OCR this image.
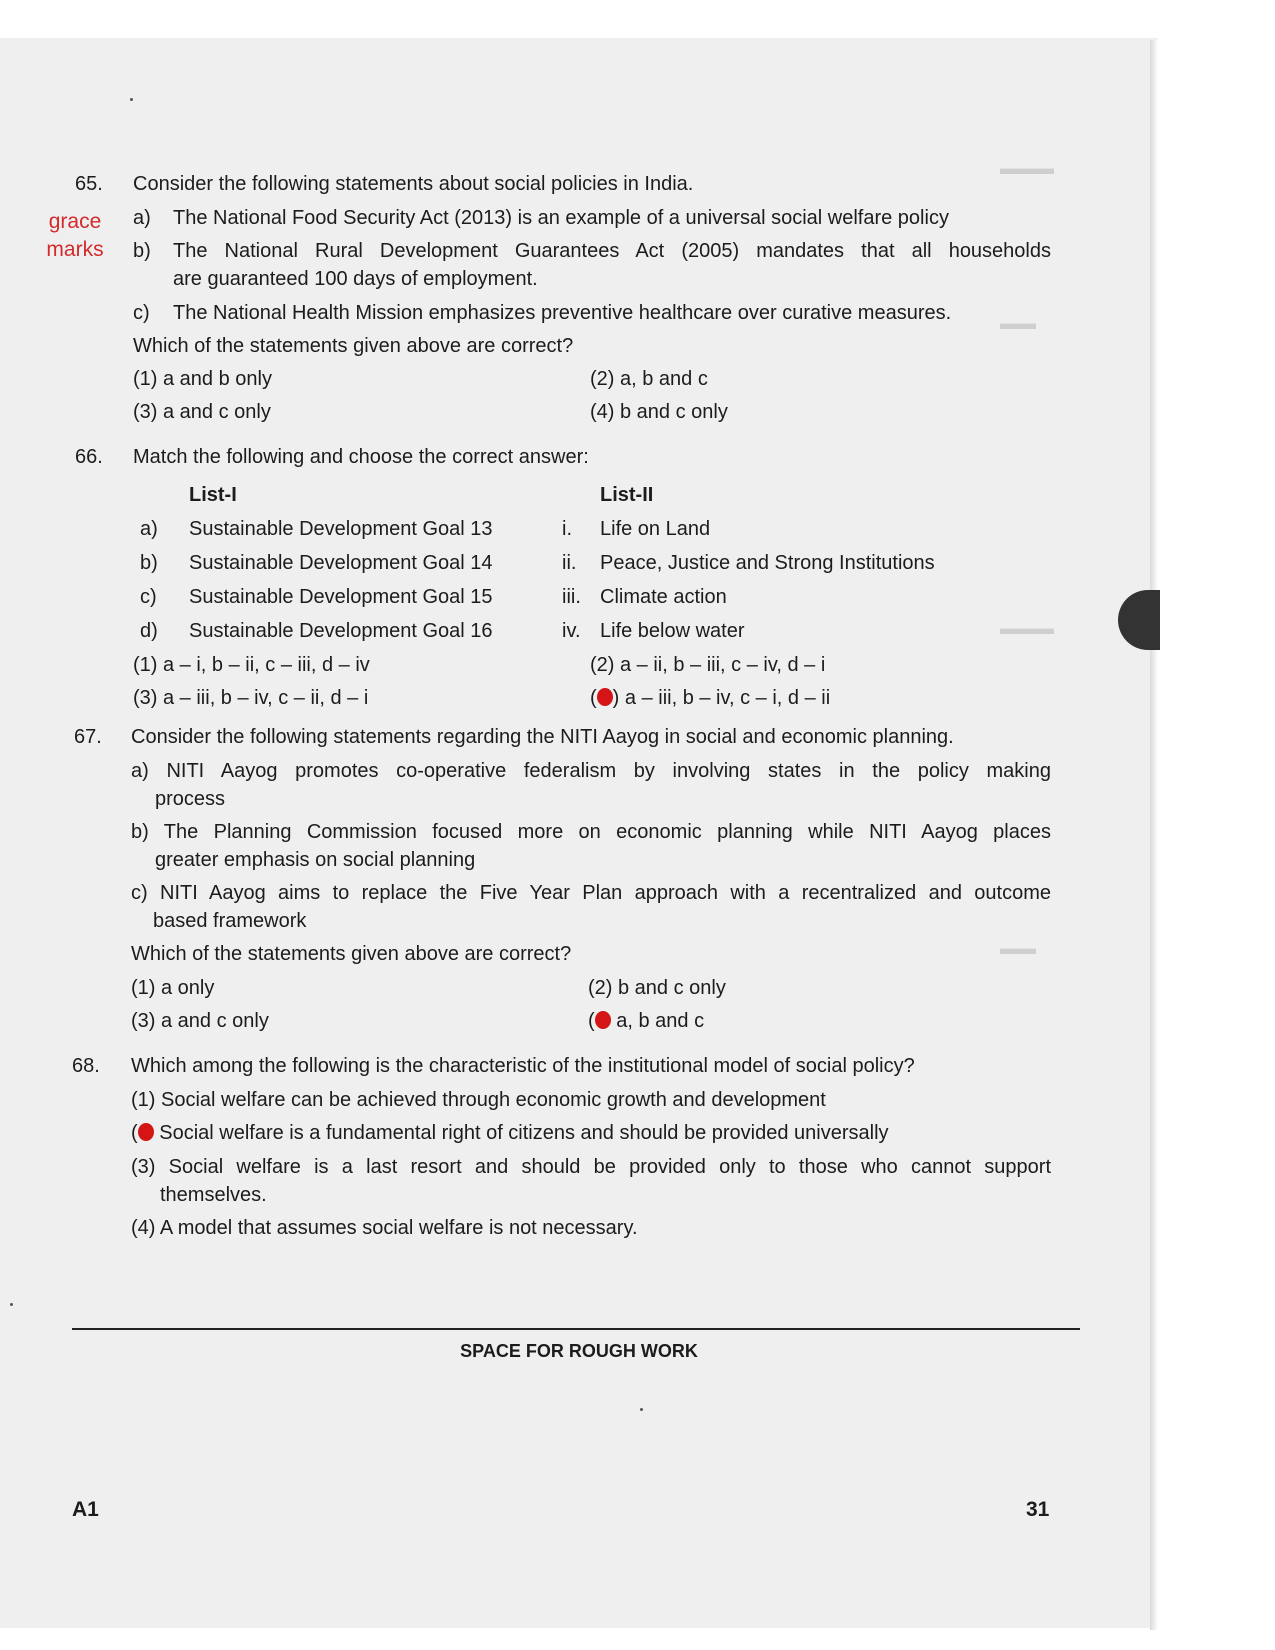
▬▬▬
▬▬
▬▬▬
▬▬
65. Consider the following statements about social policies in India.
grace
marks
a) The National Food Security Act (2013) is an example of a universal social welfare policy
b) The National Rural Development Guarantees Act (2005) mandates that all households
are guaranteed 100 days of employment.
c) The National Health Mission emphasizes preventive healthcare over curative measures.
Which of the statements given above are correct?
(1) a and b only	(2) a, b and c
(3) a and c only	(4) b and c only
66. Match the following and choose the correct answer:
List-I	List-II
a) Sustainable Development Goal 13	i. Life on Land
b) Sustainable Development Goal 14	ii. Peace, Justice and Strong Institutions
c) Sustainable Development Goal 15	iii. Climate action
d) Sustainable Development Goal 16	iv. Life below water
(1) a – i, b – ii, c – iii, d – iv	(2) a – ii, b – iii, c – iv, d – i
(3) a – iii, b – iv, c – ii, d – i	( ) a – iii, b – iv, c – i, d – ii
67. Consider the following statements regarding the NITI Aayog in social and economic planning.
a) NITI Aayog promotes co-operative federalism by involving states in the policy making
process
b) The Planning Commission focused more on economic planning while NITI Aayog places
greater emphasis on social planning
c) NITI Aayog aims to replace the Five Year Plan approach with a recentralized and outcome
based framework
Which of the statements given above are correct?
(1) a only	(2) b and c only
(3) a and c only	( a, b and c
68. Which among the following is the characteristic of the institutional model of social policy?
(1) Social welfare can be achieved through economic growth and development
( Social welfare is a fundamental right of citizens and should be provided universally
(3) Social welfare is a last resort and should be provided only to those who cannot support
themselves.
(4) A model that assumes social welfare is not necessary.
SPACE FOR ROUGH WORK
A1	31
